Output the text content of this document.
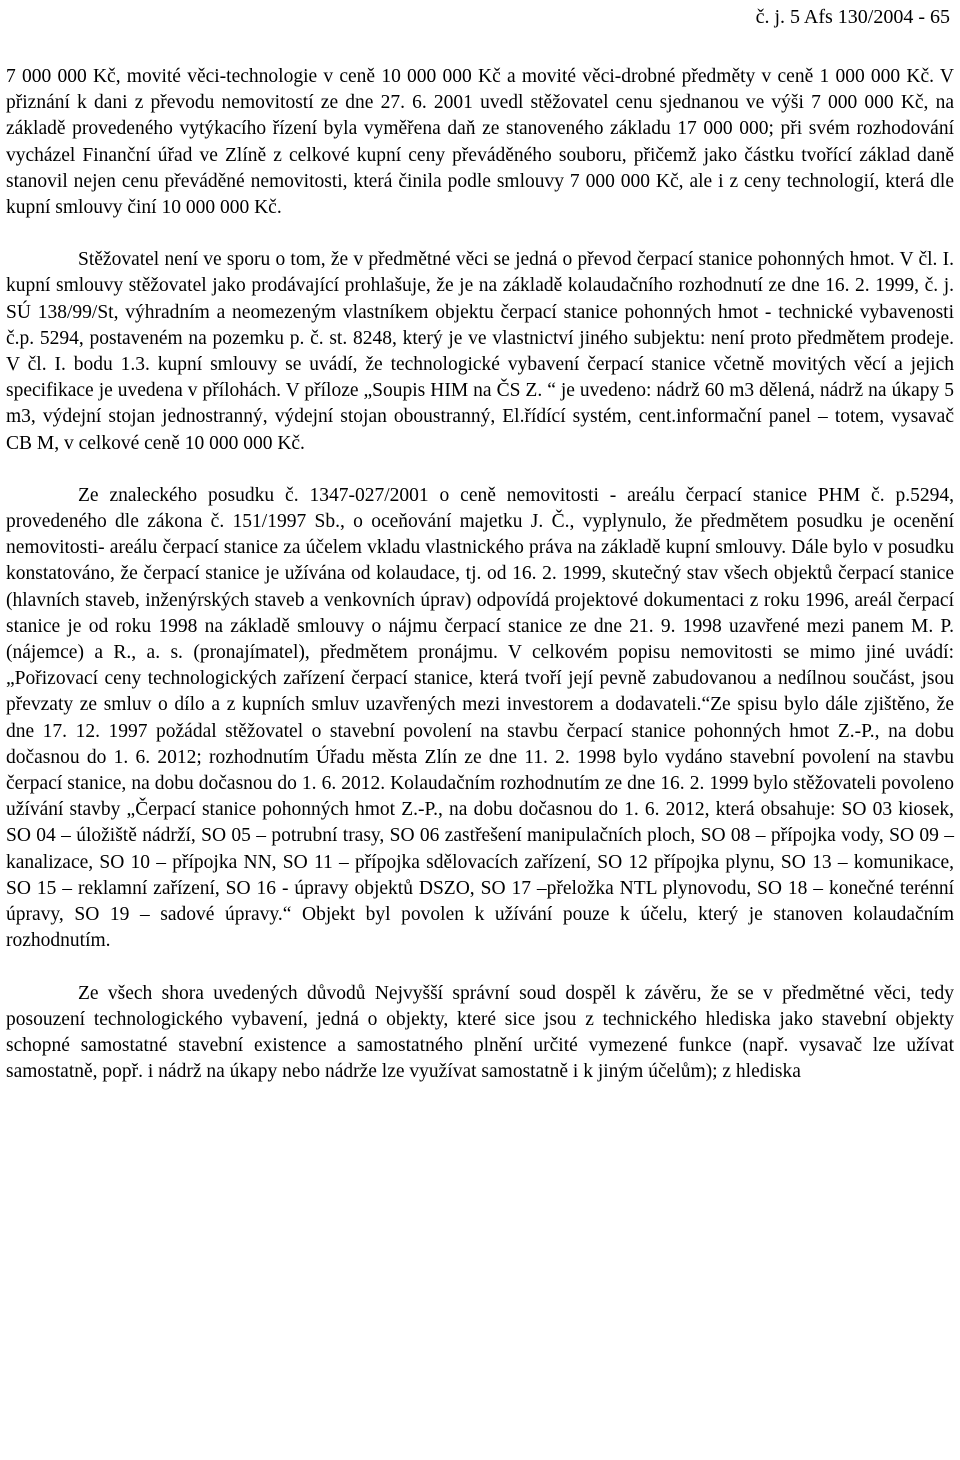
č. j. 5 Afs 130/2004 - 65

7 000 000 Kč, movité věci-technologie v ceně 10 000 000 Kč a movité věci-drobné předměty v ceně 1 000 000 Kč. V přiznání k dani z převodu nemovitostí ze dne 27. 6. 2001 uvedl stěžovatel cenu sjednanou ve výši 7 000 000 Kč, na základě provedeného vytýkacího řízení byla vyměřena daň ze stanoveného základu 17 000 000; při svém rozhodování vycházel Finanční úřad ve Zlíně z celkové kupní ceny převáděného souboru, přičemž jako částku tvořící základ daně stanovil nejen cenu převáděné nemovitosti, která činila podle smlouvy 7 000 000 Kč, ale i z ceny technologií, která dle kupní smlouvy činí 10 000 000 Kč.

Stěžovatel není ve sporu o tom, že v předmětné věci se jedná o převod čerpací stanice pohonných hmot. V čl. I. kupní smlouvy stěžovatel jako prodávající prohlašuje, že je na základě kolaudačního rozhodnutí ze dne 16. 2. 1999, č. j. SÚ 138/99/St, výhradním a neomezeným vlastníkem objektu čerpací stanice pohonných hmot - technické vybavenosti č.p. 5294, postaveném na pozemku p. č. st. 8248, který je ve vlastnictví jiného subjektu: není proto předmětem prodeje. V čl. I. bodu 1.3. kupní smlouvy se uvádí, že technologické vybavení čerpací stanice včetně movitých věcí a jejich specifikace je uvedena v přílohách. V příloze „Soupis HIM na ČS Z. “ je uvedeno: nádrž 60 m3 dělená, nádrž na úkapy 5 m3, výdejní stojan jednostranný, výdejní stojan oboustranný, El.řídící systém, cent.informační panel – totem, vysavač CB M, v celkové ceně 10 000 000 Kč.

Ze znaleckého posudku č. 1347-027/2001 o ceně nemovitosti - areálu čerpací stanice PHM č. p.5294, provedeného dle zákona č. 151/1997 Sb., o oceňování majetku J. Č., vyplynulo, že předmětem posudku je ocenění nemovitosti- areálu čerpací stanice za účelem vkladu vlastnického práva na základě kupní smlouvy. Dále bylo v posudku konstatováno, že čerpací stanice je užívána od kolaudace, tj. od 16. 2. 1999, skutečný stav všech objektů čerpací stanice (hlavních staveb, inženýrských staveb a venkovních úprav) odpovídá projektové dokumentaci z roku 1996, areál čerpací stanice je od roku 1998 na základě smlouvy o nájmu čerpací stanice ze dne 21. 9. 1998 uzavřené mezi panem M. P. (nájemce) a R., a. s. (pronajímatel), předmětem pronájmu. V celkovém popisu nemovitosti se mimo jiné uvádí: „Pořizovací ceny technologických zařízení čerpací stanice, která tvoří její pevně zabudovanou a nedílnou součást, jsou převzaty ze smluv o dílo a z kupních smluv uzavřených mezi investorem a dodavateli.“Ze spisu bylo dále zjištěno, že dne 17. 12. 1997 požádal stěžovatel o stavební povolení na stavbu čerpací stanice pohonných hmot Z.-P., na dobu dočasnou do 1. 6. 2012; rozhodnutím Úřadu města Zlín ze dne 11. 2. 1998 bylo vydáno stavební povolení na stavbu čerpací stanice, na dobu dočasnou do 1. 6. 2012. Kolaudačním rozhodnutím ze dne 16. 2. 1999 bylo stěžovateli povoleno užívání stavby „Čerpací stanice pohonných hmot Z.-P., na dobu dočasnou do 1. 6. 2012, která obsahuje: SO 03 kiosek, SO 04 – úložiště nádrží, SO 05 – potrubní trasy, SO 06 zastřešení manipulačních ploch, SO 08 – přípojka vody, SO 09 – kanalizace, SO 10 – přípojka NN, SO 11 – přípojka sdělovacích zařízení, SO 12 přípojka plynu, SO 13 – komunikace, SO 15 – reklamní zařízení, SO 16 - úpravy objektů DSZO, SO 17 –přeložka NTL plynovodu, SO 18 – konečné terénní úpravy, SO 19 – sadové úpravy.“ Objekt byl povolen k užívání pouze k účelu, který je stanoven kolaudačním rozhodnutím.

Ze všech shora uvedených důvodů Nejvyšší správní soud dospěl k závěru, že se v předmětné věci, tedy posouzení technologického vybavení, jedná o objekty, které sice jsou z technického hlediska jako stavební objekty schopné samostatné stavební existence a samostatného plnění určité vymezené funkce (např. vysavač lze užívat samostatně, popř. i nádrž na úkapy nebo nádrže lze využívat samostatně i k jiným účelům); z hlediska
